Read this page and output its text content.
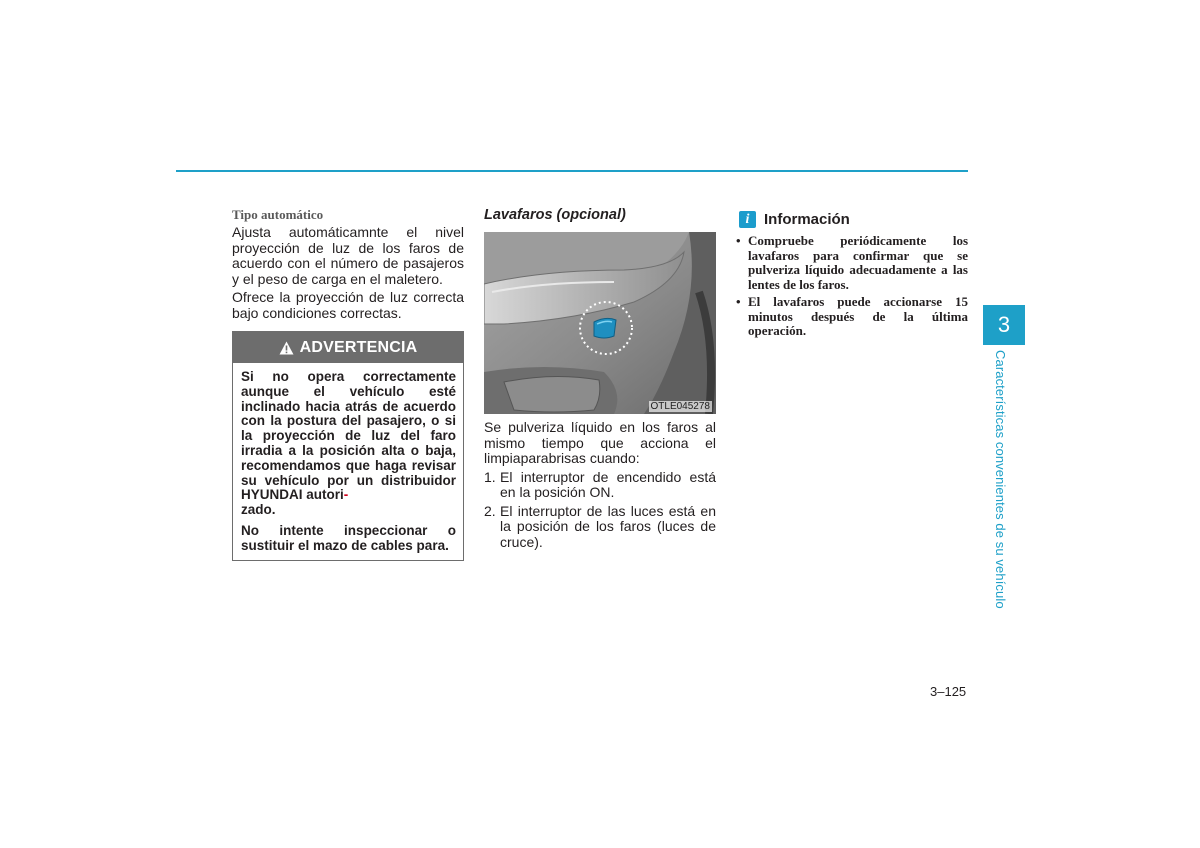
Tipo automático

Ajusta automáticamnte el nivel proyección de luz de los faros de acuerdo con el número de pasajeros y el peso de carga en el maletero.

Ofrece la proyección de luz correcta bajo condiciones correctas.

ADVERTENCIA

Si no opera correctamente aunque el vehículo esté inclinado hacia atrás de acuerdo con la postura del pasajero, o si la proyección de luz del faro irradia a la posición alta o baja, recomendamos que haga revisar su vehículo por un distribuidor HYUNDAI autori-
zado.

No intente inspeccionar o sustituir el mazo de cables para.

Lavafaros (opcional)

OTLE045278

Se pulveriza líquido en los faros al mismo tiempo que acciona el limpiaparabrisas cuando:

1. El interruptor de encendido está en la posición ON.
2. El interruptor de las luces está en la posición de los faros (luces de cruce).
i Información
• Compruebe periódicamente los lavafaros para confirmar que se pulveriza líquido adecuadamente a las lentes de los faros.
• El lavafaros puede accionarse 15 minutos después de la última operación.
3–125
3
Características convenientes de su vehículo
